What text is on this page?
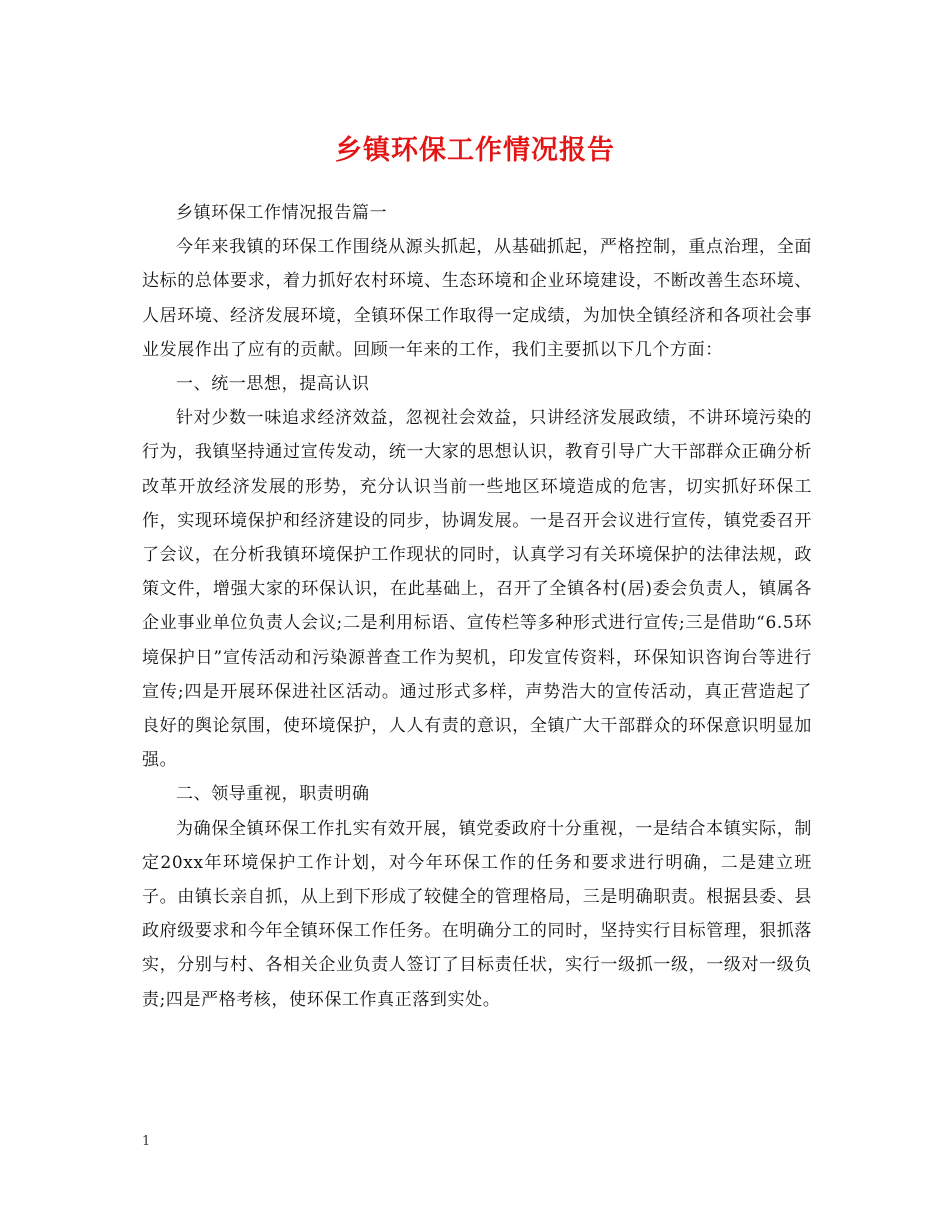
乡镇环保工作情况报告

乡镇环保工作情况报告篇一

今年来我镇的环保工作围绕从源头抓起，从基础抓起，严格控制，重点治理，全面达标的总体要求，着力抓好农村环境、生态环境和企业环境建设，不断改善生态环境、人居环境、经济发展环境，全镇环保工作取得一定成绩，为加快全镇经济和各项社会事业发展作出了应有的贡献。回顾一年来的工作，我们主要抓以下几个方面：

一、统一思想，提高认识

针对少数一味追求经济效益，忽视社会效益，只讲经济发展政绩，不讲环境污染的行为，我镇坚持通过宣传发动，统一大家的思想认识，教育引导广大干部群众正确分析改革开放经济发展的形势，充分认识当前一些地区环境造成的危害，切实抓好环保工作，实现环境保护和经济建设的同步，协调发展。一是召开会议进行宣传，镇党委召开了会议，在分析我镇环境保护工作现状的同时，认真学习有关环境保护的法律法规，政策文件，增强大家的环保认识，在此基础上，召开了全镇各村(居)委会负责人，镇属各企业事业单位负责人会议;二是利用标语、宣传栏等多种形式进行宣传;三是借助“6.5环境保护日”宣传活动和污染源普查工作为契机，印发宣传资料，环保知识咨询台等进行宣传;四是开展环保进社区活动。通过形式多样，声势浩大的宣传活动，真正营造起了良好的舆论氛围，使环境保护，人人有责的意识，全镇广大干部群众的环保意识明显加强。

二、领导重视，职责明确

为确保全镇环保工作扎实有效开展，镇党委政府十分重视，一是结合本镇实际，制定20xx年环境保护工作计划，对今年环保工作的任务和要求进行明确，二是建立班子。由镇长亲自抓，从上到下形成了较健全的管理格局，三是明确职责。根据县委、县政府级要求和今年全镇环保工作任务。在明确分工的同时，坚持实行目标管理，狠抓落实，分别与村、各相关企业负责人签订了目标责任状，实行一级抓一级，一级对一级负责;四是严格考核，使环保工作真正落到实处。

1
